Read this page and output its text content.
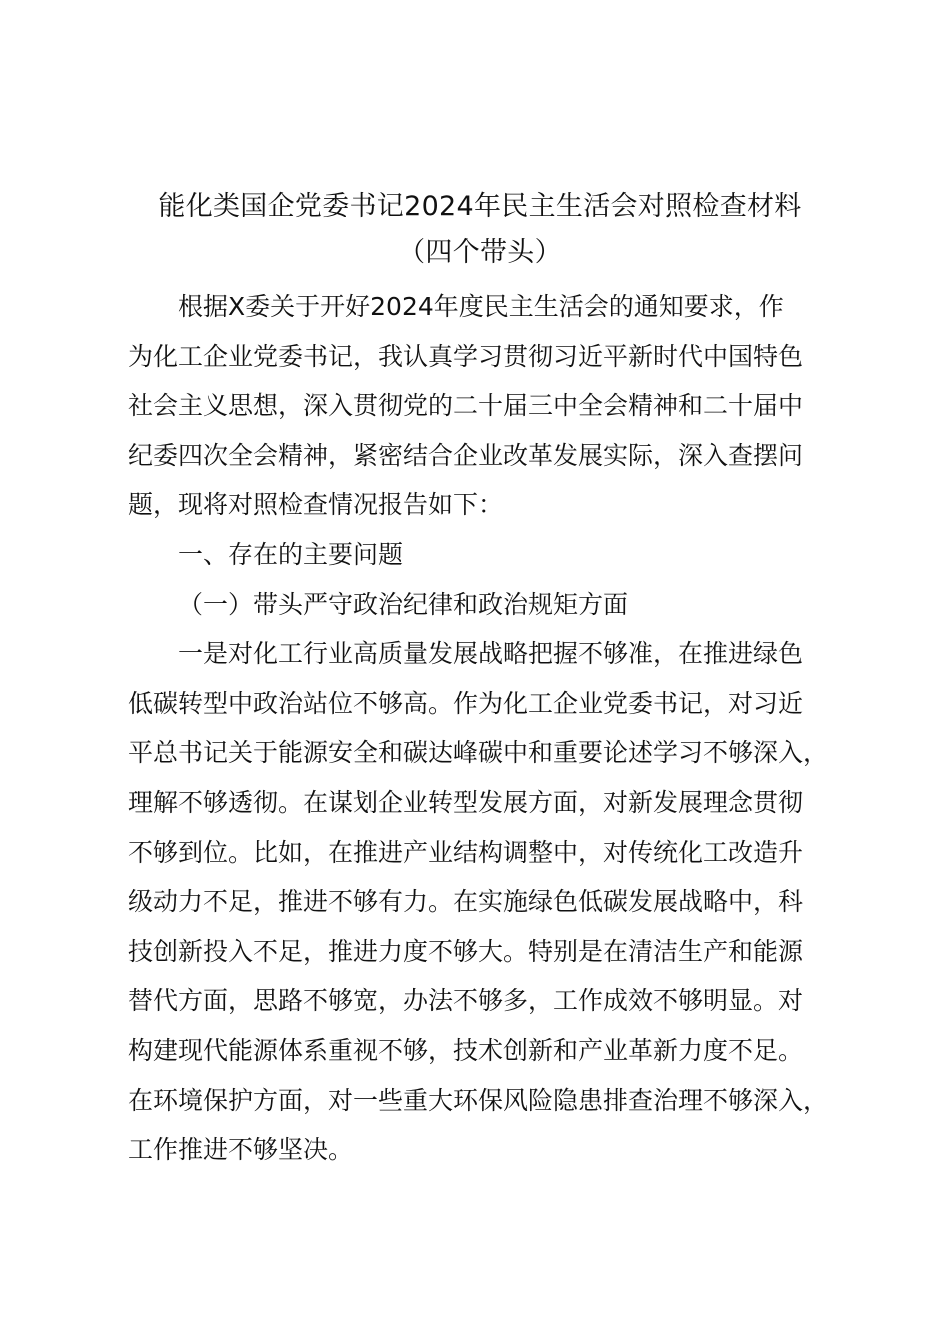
能化类国企党委书记2024年民主生活会对照检查材料
（四个带头）
根据X委关于开好2024年度民主生活会的通知要求，作
为化工企业党委书记，我认真学习贯彻习近平新时代中国特色
社会主义思想，深入贯彻党的二十届三中全会精神和二十届中
纪委四次全会精神，紧密结合企业改革发展实际，深入查摆问
题，现将对照检查情况报告如下：
一、存在的主要问题
（一）带头严守政治纪律和政治规矩方面
一是对化工行业高质量发展战略把握不够准，在推进绿色
低碳转型中政治站位不够高。作为化工企业党委书记，对习近
平总书记关于能源安全和碳达峰碳中和重要论述学习不够深入，
理解不够透彻。在谋划企业转型发展方面，对新发展理念贯彻
不够到位。比如，在推进产业结构调整中，对传统化工改造升
级动力不足，推进不够有力。在实施绿色低碳发展战略中，科
技创新投入不足，推进力度不够大。特别是在清洁生产和能源
替代方面，思路不够宽，办法不够多，工作成效不够明显。对
构建现代能源体系重视不够，技术创新和产业革新力度不足。
在环境保护方面，对一些重大环保风险隐患排查治理不够深入，
工作推进不够坚决。
